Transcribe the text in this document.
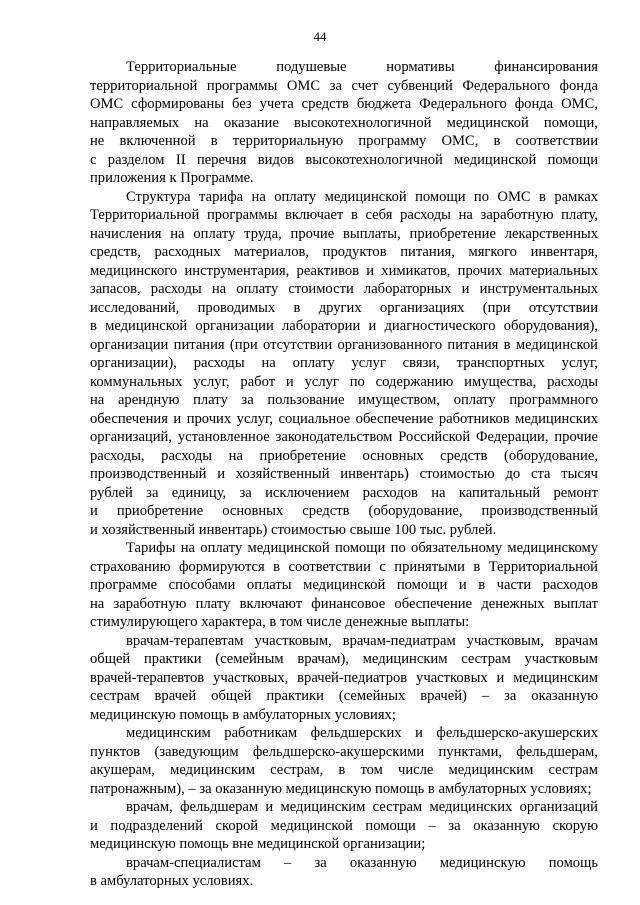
44
Территориальные подушевые нормативы финансирования
территориальной программы ОМС за счет субвенций Федерального фонда
ОМС сформированы без учета средств бюджета Федерального фонда ОМС,
направляемых на оказание высокотехнологичной медицинской помощи,
не включенной в территориальную программу ОМС, в соответствии
с разделом II перечня видов высокотехнологичной медицинской помощи
приложения к Программе.
Структура тарифа на оплату медицинской помощи по ОМС в рамках
Территориальной программы включает в себя расходы на заработную плату,
начисления на оплату труда, прочие выплаты, приобретение лекарственных
средств, расходных материалов, продуктов питания, мягкого инвентаря,
медицинского инструментария, реактивов и химикатов, прочих материальных
запасов, расходы на оплату стоимости лабораторных и инструментальных
исследований, проводимых в других организациях (при отсутствии
в медицинской организации лаборатории и диагностического оборудования),
организации питания (при отсутствии организованного питания в медицинской
организации), расходы на оплату услуг связи, транспортных услуг,
коммунальных услуг, работ и услуг по содержанию имущества, расходы
на арендную плату за пользование имуществом, оплату программного
обеспечения и прочих услуг, социальное обеспечение работников медицинских
организаций, установленное законодательством Российской Федерации, прочие
расходы, расходы на приобретение основных средств (оборудование,
производственный и хозяйственный инвентарь) стоимостью до ста тысяч
рублей за единицу, за исключением расходов на капитальный ремонт
и приобретение основных средств (оборудование, производственный
и хозяйственный инвентарь) стоимостью свыше 100 тыс. рублей.
Тарифы на оплату медицинской помощи по обязательному медицинскому
страхованию формируются в соответствии с принятыми в Территориальной
программе способами оплаты медицинской помощи и в части расходов
на заработную плату включают финансовое обеспечение денежных выплат
стимулирующего характера, в том числе денежные выплаты:
врачам-терапевтам участковым, врачам-педиатрам участковым, врачам
общей практики (семейным врачам), медицинским сестрам участковым
врачей-терапевтов участковых, врачей-педиатров участковых и медицинским
сестрам врачей общей практики (семейных врачей) – за оказанную
медицинскую помощь в амбулаторных условиях;
медицинским работникам фельдшерских и фельдшерско-акушерских
пунктов (заведующим фельдшерско-акушерскими пунктами, фельдшерам,
акушерам, медицинским сестрам, в том числе медицинским сестрам
патронажным), – за оказанную медицинскую помощь в амбулаторных условиях;
врачам, фельдшерам и медицинским сестрам медицинских организаций
и подразделений скорой медицинской помощи – за оказанную скорую
медицинскую помощь вне медицинской организации;
врачам-специалистам – за оказанную медицинскую помощь
в амбулаторных условиях.
